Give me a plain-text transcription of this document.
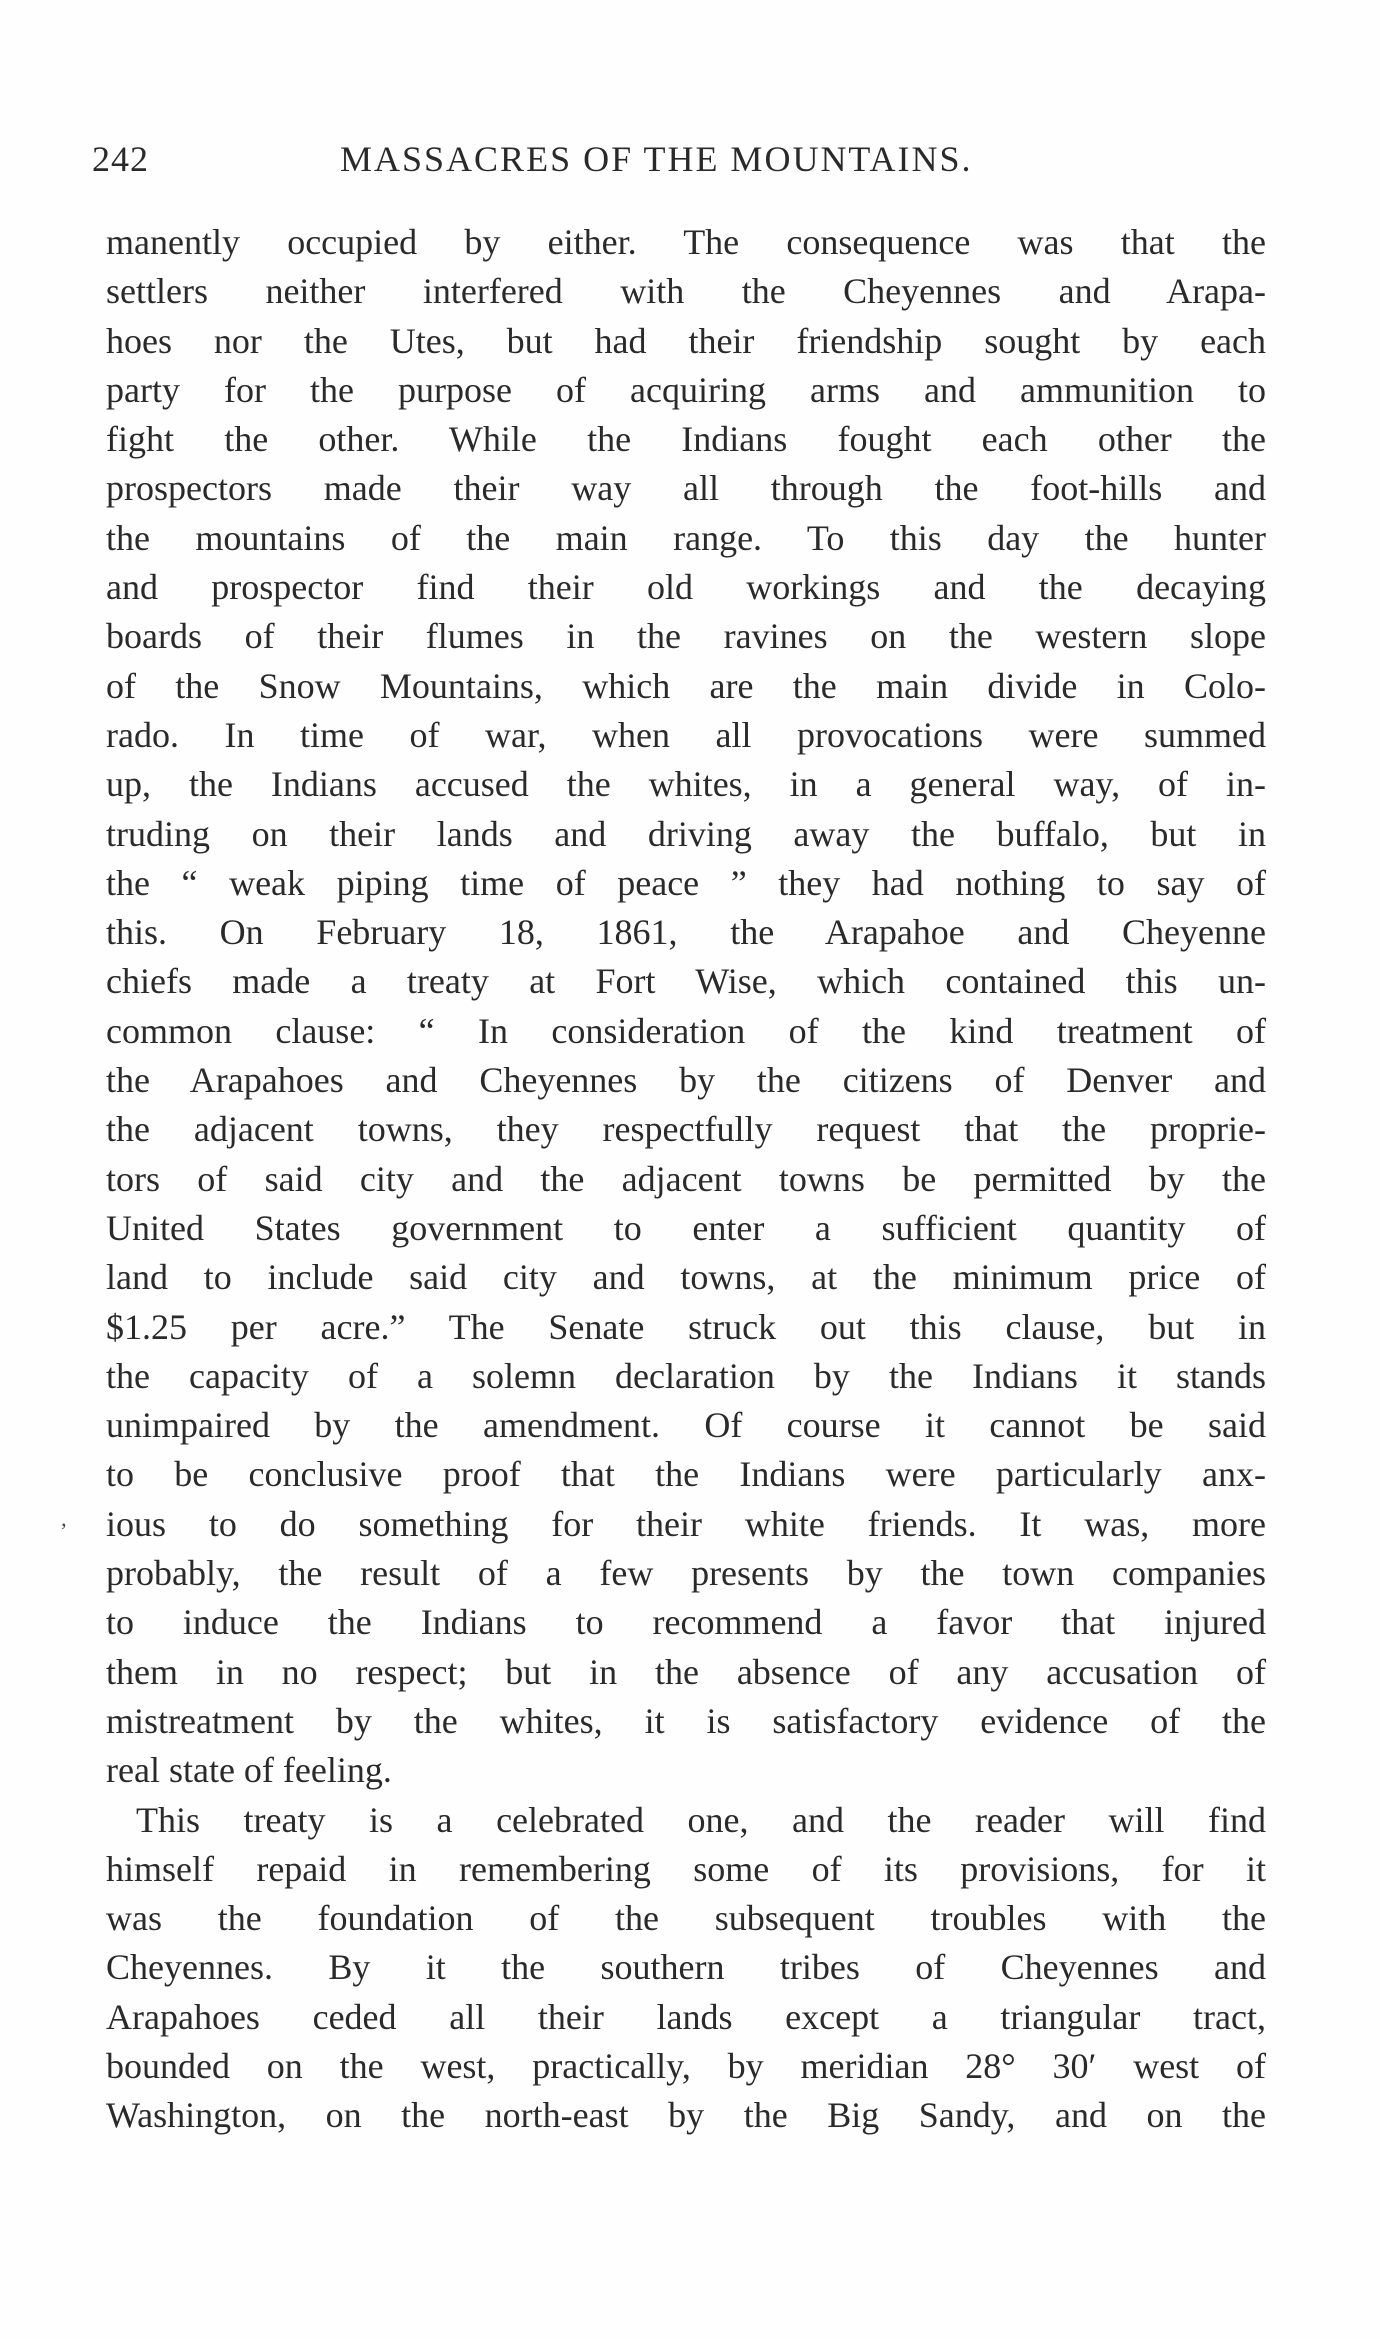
242	MASSACRES OF THE MOUNTAINS.
’
manently occupied by either. The consequence was that the
settlers neither interfered with the Cheyennes and Arapa-
hoes nor the Utes, but had their friendship sought by each
party for the purpose of acquiring arms and ammunition to
fight the other. While the Indians fought each other the
prospectors made their way all through the foot-hills and
the mountains of the main range. To this day the hunter
and prospector find their old workings and the decaying
boards of their flumes in the ravines on the western slope
of the Snow Mountains, which are the main divide in Colo-
rado. In time of war, when all provocations were summed
up, the Indians accused the whites, in a general way, of in-
truding on their lands and driving away the buffalo, but in
the “ weak piping time of peace ” they had nothing to say of
this. On February 18, 1861, the Arapahoe and Cheyenne
chiefs made a treaty at Fort Wise, which contained this un-
common clause: “ In consideration of the kind treatment of
the Arapahoes and Cheyennes by the citizens of Denver and
the adjacent towns, they respectfully request that the proprie-
tors of said city and the adjacent towns be permitted by the
United States government to enter a sufficient quantity of
land to include said city and towns, at the minimum price of
$1.25 per acre.” The Senate struck out this clause, but in
the capacity of a solemn declaration by the Indians it stands
unimpaired by the amendment. Of course it cannot be said
to be conclusive proof that the Indians were particularly anx-
ious to do something for their white friends. It was, more
probably, the result of a few presents by the town companies
to induce the Indians to recommend a favor that injured
them in no respect; but in the absence of any accusation of
mistreatment by the whites, it is satisfactory evidence of the
real state of feeling.
This treaty is a celebrated one, and the reader will find
himself repaid in remembering some of its provisions, for it
was the foundation of the subsequent troubles with the
Cheyennes. By it the southern tribes of Cheyennes and
Arapahoes ceded all their lands except a triangular tract,
bounded on the west, practically, by meridian 28° 30′ west of
Washington, on the north-east by the Big Sandy, and on the
